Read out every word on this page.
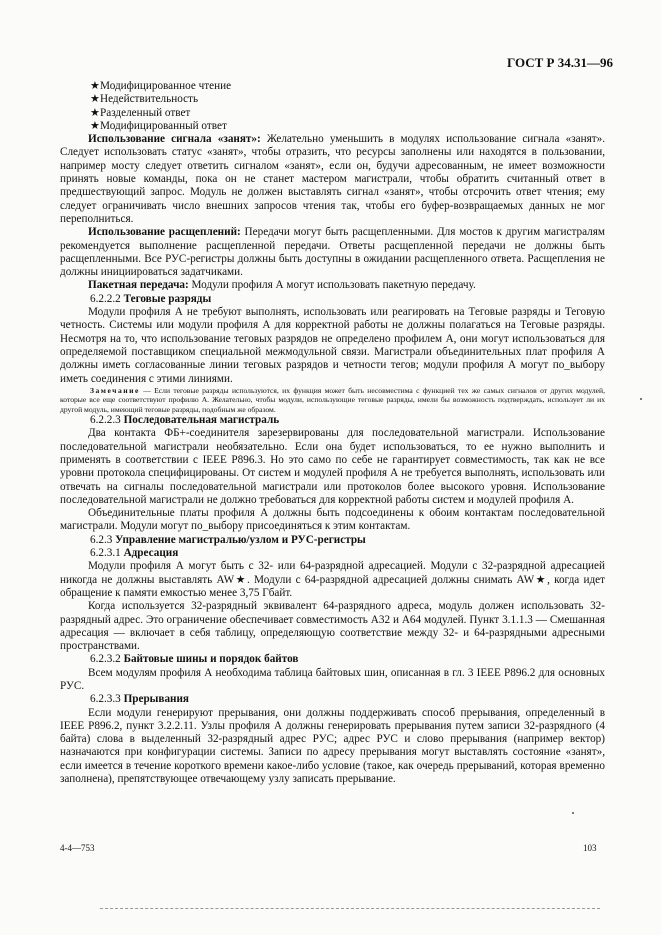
ГОСТ Р 34.31—96

★Модифицированное чтение

★Недействительность

★Разделенный ответ

★Модифицированный ответ

Использование сигнала «занят»: Желательно уменьшить в модулях использование сигнала «занят». Следует использовать статус «занят», чтобы отразить, что ресурсы заполнены или находятся в пользовании, например мосту следует ответить сигналом «занят», если он, будучи адресованным, не имеет возможности принять новые команды, пока он не станет мастером магистрали, чтобы обратить считанный ответ в предшествующий запрос. Модуль не должен выставлять сигнал «занят», чтобы отсрочить ответ чтения; ему следует ограничивать число внешних запросов чтения так, чтобы его буфер-возвращаемых данных не мог переполниться.

Использование расщеплений: Передачи могут быть расщепленными. Для мостов к другим магистралям рекомендуется выполнение расщепленной передачи. Ответы расщепленной передачи не должны быть расщепленными. Все РУС-регистры должны быть доступны в ожидании расщепленного ответа. Расщепления не должны инициироваться задатчиками.

Пакетная передача: Модули профиля А могут использовать пакетную передачу.

6.2.2.2 Теговые разряды

Модули профиля А не требуют выполнять, использовать или реагировать на Теговые разряды и Теговую четность. Системы или модули профиля А для корректной работы не должны полагаться на Теговые разряды. Несмотря на то, что использование теговых разрядов не определено профилем А, они могут использоваться для определяемой поставщиком специальной межмодульной связи. Магистрали объединительных плат профиля А должны иметь согласованные линии теговых разрядов и четности тегов; модули профиля А могут по_выбору иметь соединения с этими линиями.

Замечание — Если теговые разряды используются, их функция может быть несовместима с функцией тех же самых сигналов от других модулей, которые все еще соответствуют профилю А. Желательно, чтобы модули, использующие теговые разряды, имели бы возможность подтверждать, использует ли их другой модуль, имеющий теговые разряды, подобным же образом.

6.2.2.3 Последовательная магистраль

Два контакта ФБ+-соединителя зарезервированы для последовательной магистрали. Использование последовательной магистрали необязательно. Если она будет использоваться, то ее нужно выполнить и применять в соответствии с IEEE P896.3. Но это само по себе не гарантирует совместимость, так как не все уровни протокола специфицированы. От систем и модулей профиля А не требуется выполнять, использовать или отвечать на сигналы последовательной магистрали или протоколов более высокого уровня. Использование последовательной магистрали не должно требоваться для корректной работы систем и модулей профиля А.

Объединительные платы профиля А должны быть подсоединены к обоим контактам последовательной магистрали. Модули могут по_выбору присоединяться к этим контактам.

6.2.3 Управление магистралью/узлом и РУС-регистры

6.2.3.1 Адресация

Модули профиля А могут быть с 32- или 64-разрядной адресацией. Модули с 32-разрядной адресацией никогда не должны выставлять AW★. Модули с 64-разрядной адресацией должны снимать AW★, когда идет обращение к памяти емкостью менее 3,75 Гбайт.

Когда используется 32-разрядный эквивалент 64-разрядного адреса, модуль должен использовать 32-разрядный адрес. Это ограничение обеспечивает совместимость А32 и А64 модулей. Пункт 3.1.1.3 — Смешанная адресация — включает в себя таблицу, определяющую соответствие между 32- и 64-разрядными адресными пространствами.

6.2.3.2 Байтовые шины и порядок байтов

Всем модулям профиля А необходима таблица байтовых шин, описанная в гл. 3 IEEE P896.2 для основных РУС.

6.2.3.3 Прерывания

Если модули генерируют прерывания, они должны поддерживать способ прерывания, определенный в IEEE P896.2, пункт 3.2.2.11. Узлы профиля А должны генерировать прерывания путем записи 32-разрядного (4 байта) слова в выделенный 32-разрядный адрес РУС; адрес РУС и слово прерывания (например вектор) назначаются при конфигурации системы. Записи по адресу прерывания могут выставлять состояние «занят», если имеется в течение короткого времени какое-либо условие (такое, как очередь прерываний, которая временно заполнена), препятствующее отвечающему узлу записать прерывание.

4-4—753	103
